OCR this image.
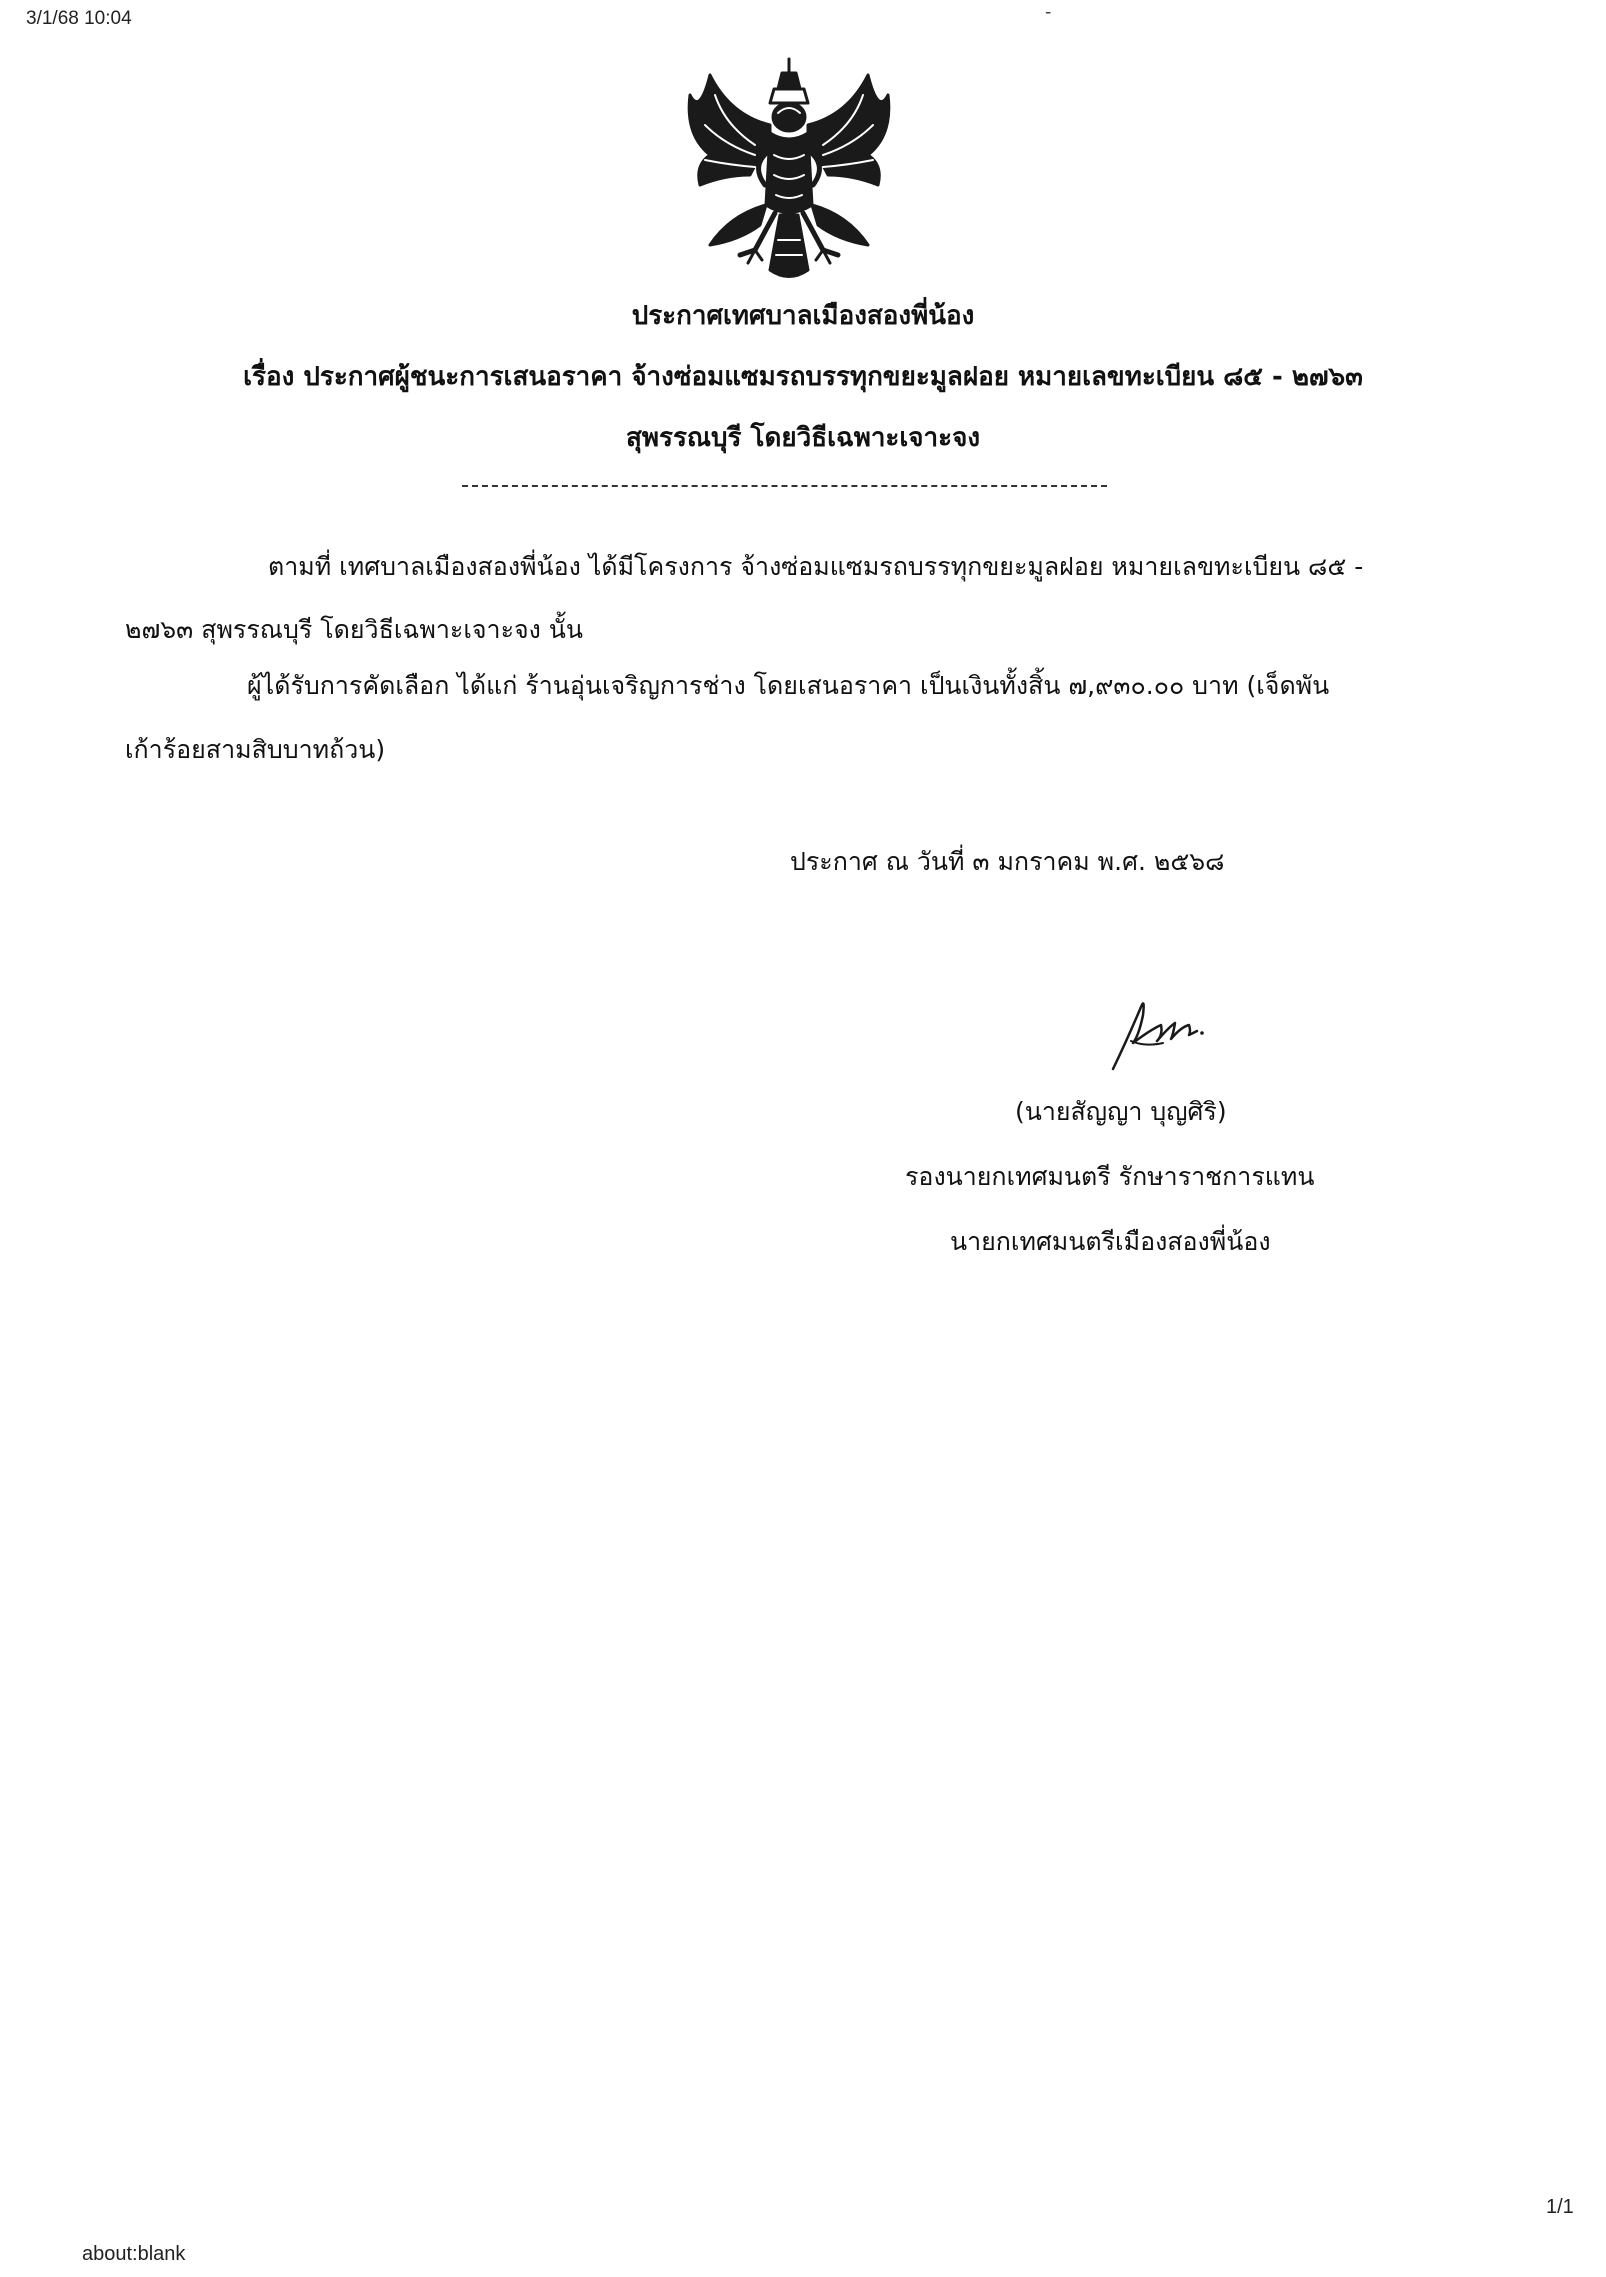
3/1/68 10:04	-
ประกาศเทศบาลเมืองสองพี่น้อง
เรื่อง ประกาศผู้ชนะการเสนอราคา จ้างซ่อมแซมรถบรรทุกขยะมูลฝอย หมายเลขทะเบียน ๘๕ - ๒๗๖๓
สุพรรณบุรี โดยวิธีเฉพาะเจาะจง
ตามที่ เทศบาลเมืองสองพี่น้อง ได้มีโครงการ จ้างซ่อมแซมรถบรรทุกขยะมูลฝอย หมายเลขทะเบียน ๘๕ -
๒๗๖๓ สุพรรณบุรี โดยวิธีเฉพาะเจาะจง นั้น
ผู้ได้รับการคัดเลือก ได้แก่ ร้านอุ่นเจริญการช่าง โดยเสนอราคา เป็นเงินทั้งสิ้น ๗,๙๓๐.๐๐ บาท (เจ็ดพัน
เก้าร้อยสามสิบบาทถ้วน)
ประกาศ ณ วันที่ ๓ มกราคม พ.ศ. ๒๕๖๘
(นายสัญญา บุญศิริ)
รองนายกเทศมนตรี รักษาราชการแทน
นายกเทศมนตรีเมืองสองพี่น้อง
about:blank
1/1
